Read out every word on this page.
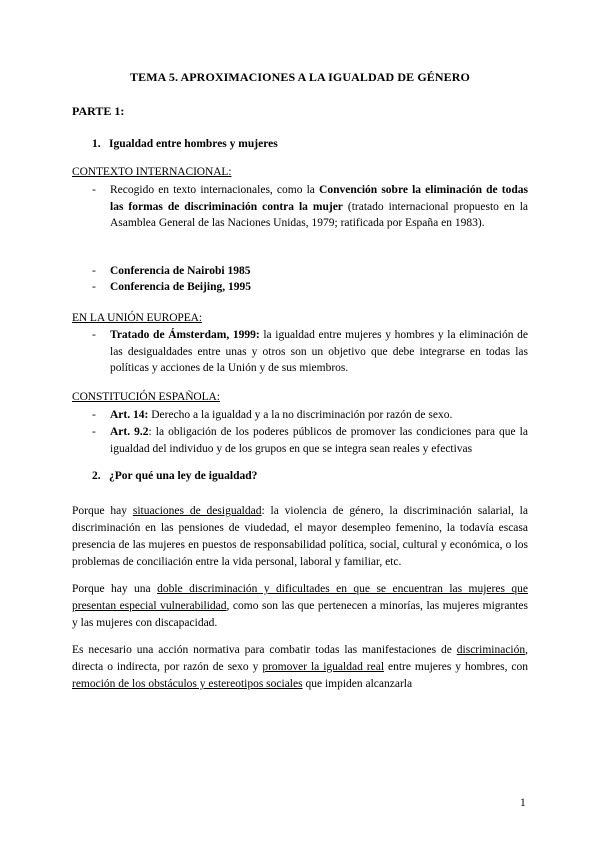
TEMA 5. APROXIMACIONES A LA IGUALDAD DE GÉNERO
PARTE 1:
1. Igualdad entre hombres y mujeres
CONTEXTO INTERNACIONAL:
- Recogido en texto internacionales, como la Convención sobre la eliminación de todas las formas de discriminación contra la mujer (tratado internacional propuesto en la Asamblea General de las Naciones Unidas, 1979; ratificada por España en 1983).
- Conferencia de Nairobi 1985
- Conferencia de Beijing, 1995
EN LA UNIÓN EUROPEA:
- Tratado de Ámsterdam, 1999: la igualdad entre mujeres y hombres y la eliminación de las desigualdades entre unas y otros son un objetivo que debe integrarse en todas las políticas y acciones de la Unión y de sus miembros.
CONSTITUCIÓN ESPAÑOLA:
- Art. 14: Derecho a la igualdad y a la no discriminación por razón de sexo.
- Art. 9.2: la obligación de los poderes públicos de promover las condiciones para que la igualdad del individuo y de los grupos en que se integra sean reales y efectivas
2. ¿Por qué una ley de igualdad?
Porque hay situaciones de desigualdad: la violencia de género, la discriminación salarial, la discriminación en las pensiones de viudedad, el mayor desempleo femenino, la todavía escasa presencia de las mujeres en puestos de responsabilidad política, social, cultural y económica, o los problemas de conciliación entre la vida personal, laboral y familiar, etc.
Porque hay una doble discriminación y dificultades en que se encuentran las mujeres que presentan especial vulnerabilidad, como son las que pertenecen a minorías, las mujeres migrantes y las mujeres con discapacidad.
Es necesario una acción normativa para combatir todas las manifestaciones de discriminación, directa o indirecta, por razón de sexo y promover la igualdad real entre mujeres y hombres, con remoción de los obstáculos y estereotipos sociales que impiden alcanzarla
1
